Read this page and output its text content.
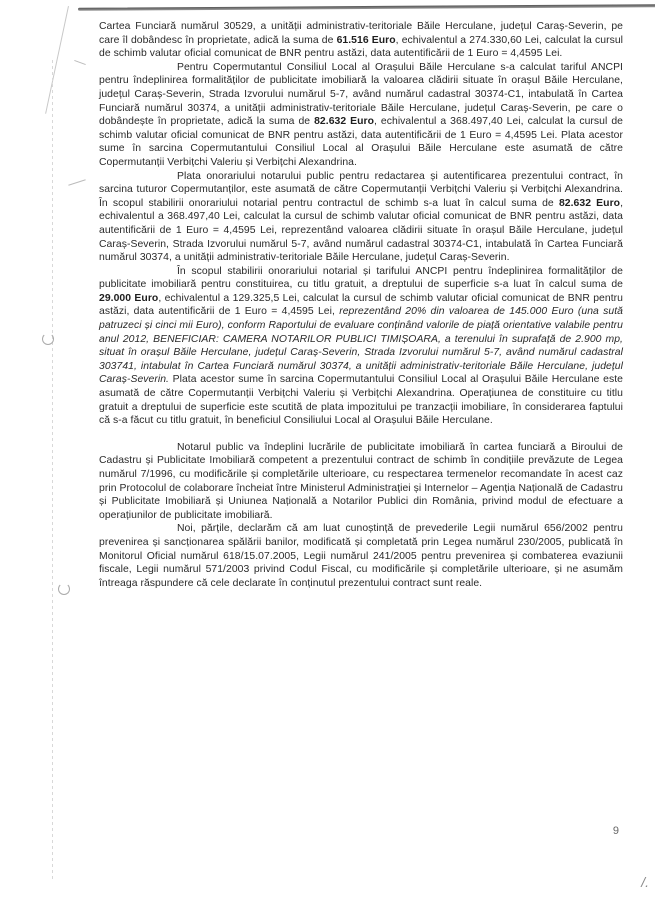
Cartea Funciară numărul 30529, a unității administrativ-teritoriale Băile Herculane, județul Caraș-Severin, pe care îl dobândesc în proprietate, adică la suma de 61.516 Euro, echivalentul a 274.330,60 Lei, calculat la cursul de schimb valutar oficial comunicat de BNR pentru astăzi, data autentificării de 1 Euro = 4,4595 Lei.

Pentru Copermutantul Consiliul Local al Orașului Băile Herculane s-a calculat tariful ANCPI pentru îndeplinirea formalităților de publicitate imobiliară la valoarea clădirii situate în orașul Băile Herculane, județul Caraș-Severin, Strada Izvorului numărul 5-7, având numărul cadastral 30374-C1, intabulată în Cartea Funciară numărul 30374, a unității administrativ-teritoriale Băile Herculane, județul Caraș-Severin, pe care o dobândește în proprietate, adică la suma de 82.632 Euro, echivalentul a 368.497,40 Lei, calculat la cursul de schimb valutar oficial comunicat de BNR pentru astăzi, data autentificării de 1 Euro = 4,4595 Lei. Plata acestor sume în sarcina Copermutantului Consiliul Local al Orașului Băile Herculane este asumată de către Copermutanții Verbițchi Valeriu și Verbițchi Alexandrina.

Plata onorariului notarului public pentru redactarea și autentificarea prezentului contract, în sarcina tuturor Copermutanților, este asumată de către Copermutanții Verbițchi Valeriu și Verbițchi Alexandrina. În scopul stabilirii onorariului notarial pentru contractul de schimb s-a luat în calcul suma de 82.632 Euro, echivalentul a 368.497,40 Lei, calculat la cursul de schimb valutar oficial comunicat de BNR pentru astăzi, data autentificării de 1 Euro = 4,4595 Lei, reprezentând valoarea clădirii situate în orașul Băile Herculane, județul Caraș-Severin, Strada Izvorului numărul 5-7, având numărul cadastral 30374-C1, intabulată în Cartea Funciară numărul 30374, a unității administrativ-teritoriale Băile Herculane, județul Caraș-Severin.

În scopul stabilirii onorariului notarial și tarifului ANCPI pentru îndeplinirea formalităților de publicitate imobiliară pentru constituirea, cu titlu gratuit, a dreptului de superficie s-a luat în calcul suma de 29.000 Euro, echivalentul a 129.325,5 Lei, calculat la cursul de schimb valutar oficial comunicat de BNR pentru astăzi, data autentificării de 1 Euro = 4,4595 Lei, reprezentând 20% din valoarea de 145.000 Euro (una sută patruzeci și cinci mii Euro), conform Raportului de evaluare conținând valorile de piață orientative valabile pentru anul 2012, BENEFICIAR: CAMERA NOTARILOR PUBLICI TIMIȘOARA, a terenului în suprafață de 2.900 mp, situat în orașul Băile Herculane, județul Caraș-Severin, Strada Izvorului numărul 5-7, având numărul cadastral 303741, intabulat în Cartea Funciară numărul 30374, a unității administrativ-teritoriale Băile Herculane, județul Caraș-Severin. Plata acestor sume în sarcina Copermutantului Consiliul Local al Orașului Băile Herculane este asumată de către Copermutanții Verbițchi Valeriu și Verbițchi Alexandrina. Operațiunea de constituire cu titlu gratuit a dreptului de superficie este scutită de plata impozitului pe tranzacții imobiliare, în considerarea faptului că s-a făcut cu titlu gratuit, în beneficiul Consiliului Local al Orașului Băile Herculane.

Notarul public va îndeplini lucrările de publicitate imobiliară în cartea funciară a Biroului de Cadastru și Publicitate Imobiliară competent a prezentului contract de schimb în condițiile prevăzute de Legea numărul 7/1996, cu modificările și completările ulterioare, cu respectarea termenelor recomandate în acest caz prin Protocolul de colaborare încheiat între Ministerul Administrației și Internelor – Agenția Națională de Cadastru și Publicitate Imobiliară și Uniunea Națională a Notarilor Publici din România, privind modul de efectuare a operațiunilor de publicitate imobiliară.

Noi, părțile, declarăm că am luat cunoștință de prevederile Legii numărul 656/2002 pentru prevenirea și sancționarea spălării banilor, modificată și completată prin Legea numărul 230/2005, publicată în Monitorul Oficial numărul 618/15.07.2005, Legii numărul 241/2005 pentru prevenirea și combaterea evaziunii fiscale, Legii numărul 571/2003 privind Codul Fiscal, cu modificările și completările ulterioare, și ne asumăm întreaga răspundere că cele declarate în conținutul prezentului contract sunt reale.

9
/.
